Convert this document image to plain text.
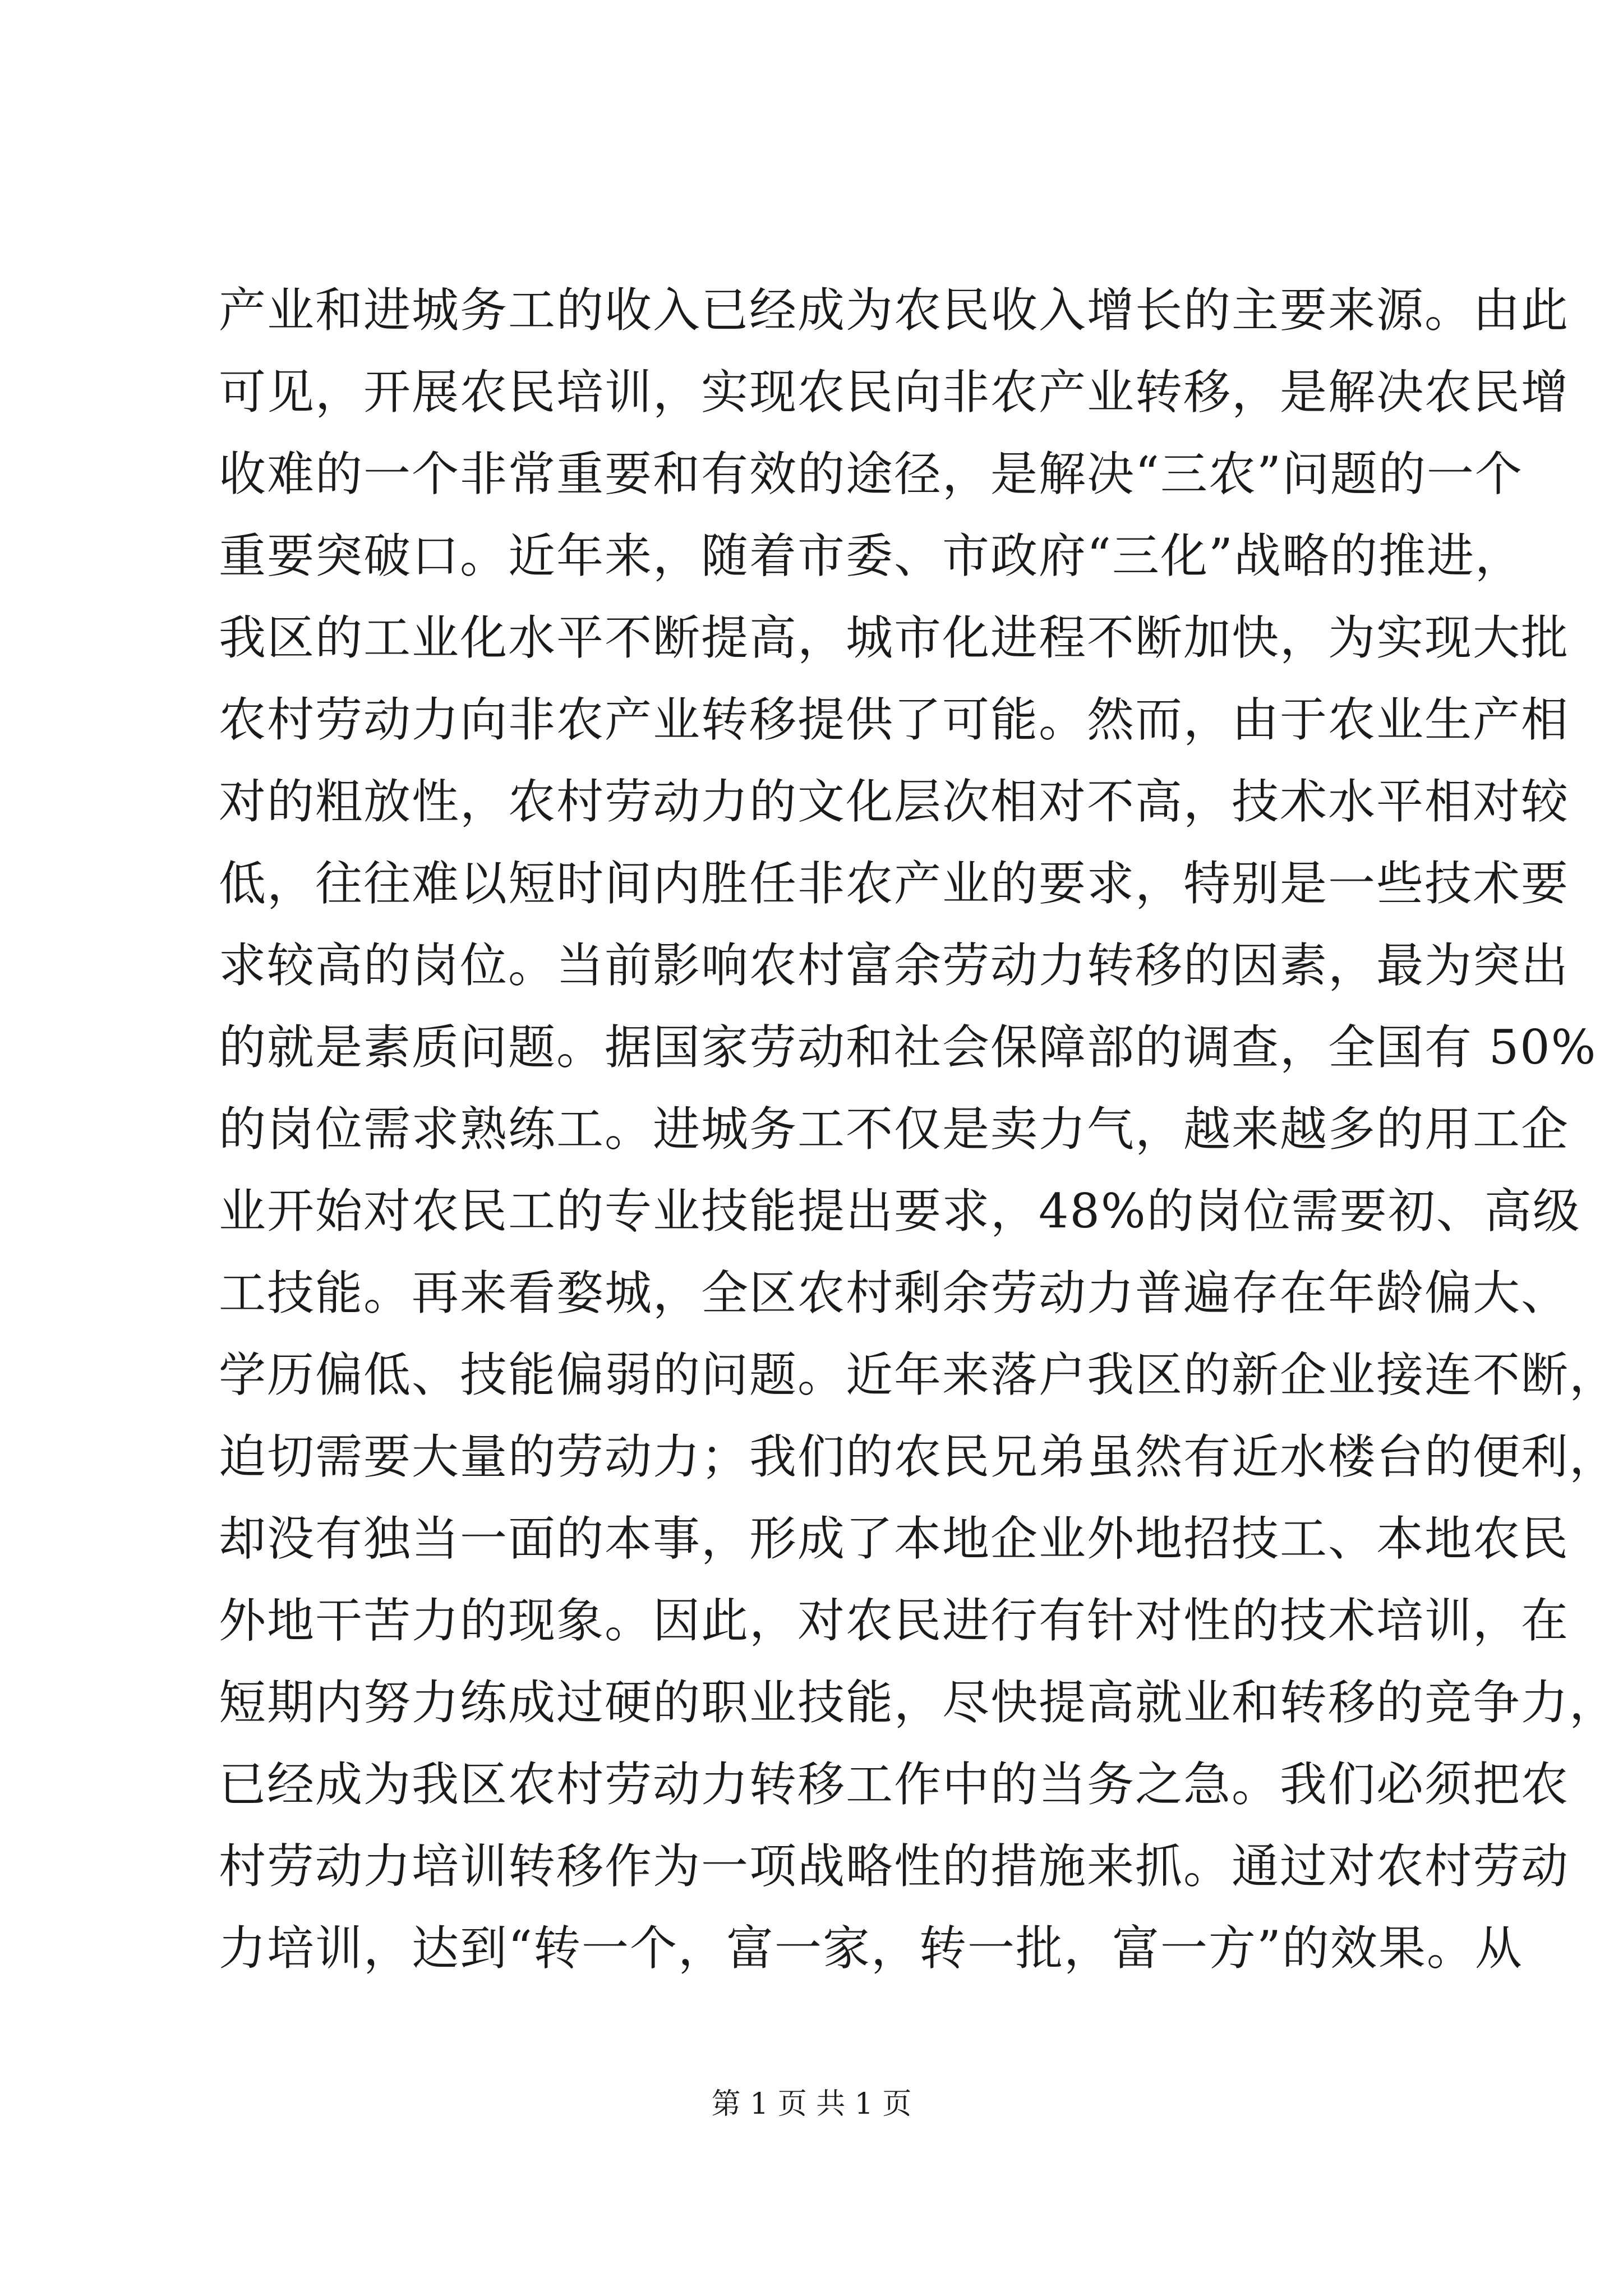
产业和进城务工的收入已经成为农民收入增长的主要来源。由此
可见，开展农民培训，实现农民向非农产业转移，是解决农民增
收难的一个非常重要和有效的途径，是解决“三农”问题的一个
重要突破口。近年来，随着市委、市政府“三化”战略的推进，
我区的工业化水平不断提高，城市化进程不断加快，为实现大批
农村劳动力向非农产业转移提供了可能。然而，由于农业生产相
对的粗放性，农村劳动力的文化层次相对不高，技术水平相对较
低，往往难以短时间内胜任非农产业的要求，特别是一些技术要
求较高的岗位。当前影响农村富余劳动力转移的因素，最为突出
的就是素质问题。据国家劳动和社会保障部的调查，全国有 50%
的岗位需求熟练工。进城务工不仅是卖力气，越来越多的用工企
业开始对农民工的专业技能提出要求，48%的岗位需要初、高级
工技能。再来看婺城，全区农村剩余劳动力普遍存在年龄偏大、
学历偏低、技能偏弱的问题。近年来落户我区的新企业接连不断，
迫切需要大量的劳动力；我们的农民兄弟虽然有近水楼台的便利，
却没有独当一面的本事，形成了本地企业外地招技工、本地农民
外地干苦力的现象。因此，对农民进行有针对性的技术培训，在
短期内努力练成过硬的职业技能，尽快提高就业和转移的竞争力，
已经成为我区农村劳动力转移工作中的当务之急。我们必须把农
村劳动力培训转移作为一项战略性的措施来抓。通过对农村劳动
力培训，达到“转一个，富一家，转一批，富一方”的效果。从
第 1 页 共 1 页
